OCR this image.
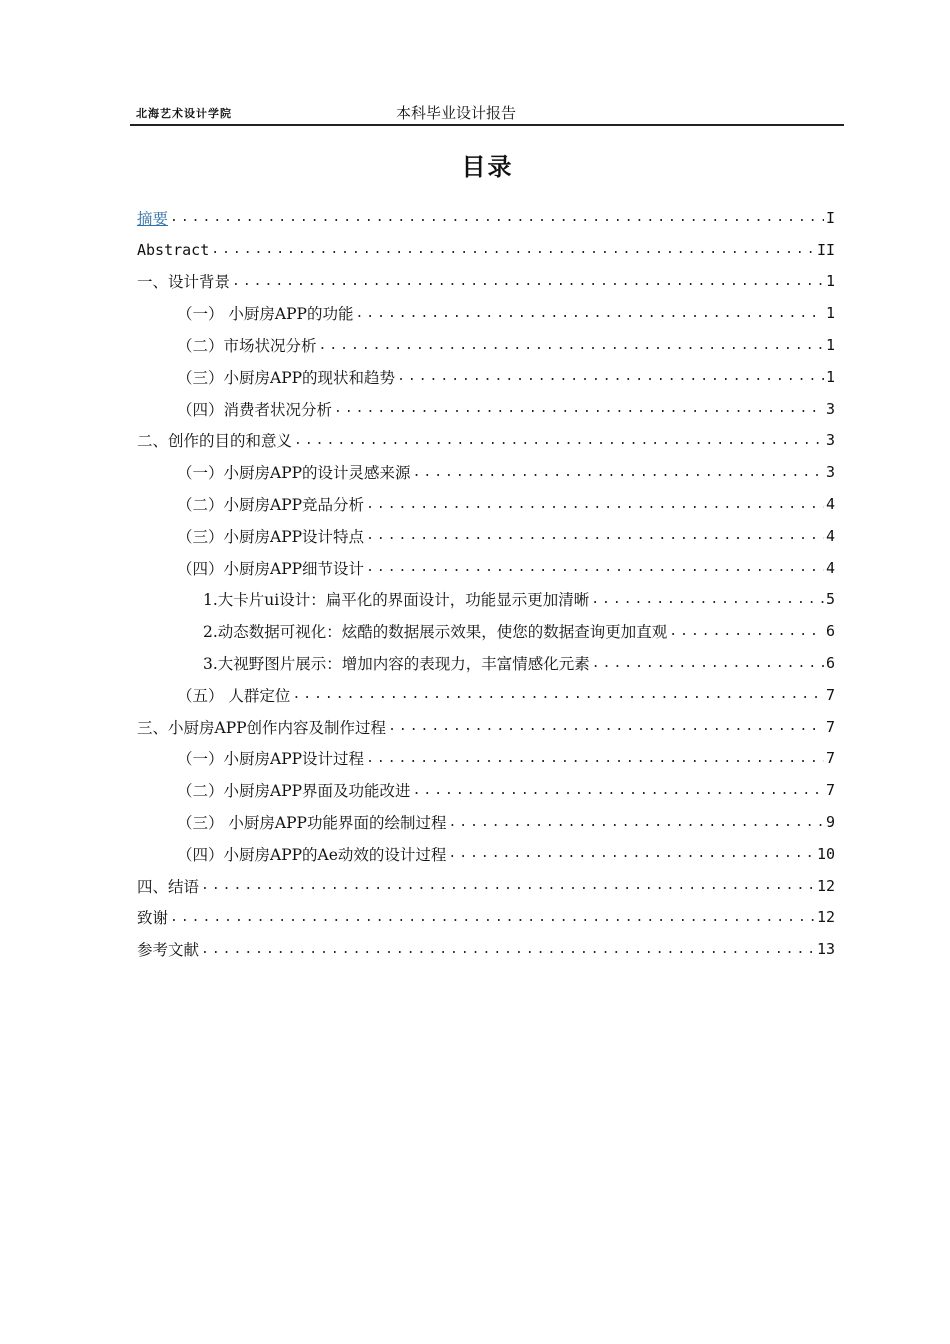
北海艺术设计学院	本科毕业设计报告
目录
摘要 .....	I
Abstract .....	II
一、设计背景 .....	1
（一） 小厨房APP的功能 .....	1
（二）市场状况分析 .....	1
（三）小厨房APP的现状和趋势 .....	1
（四）消费者状况分析 .....	3
二、创作的目的和意义 .....	3
（一）小厨房APP的设计灵感来源 .....	3
（二）小厨房APP竞品分析 .....	4
（三）小厨房APP设计特点 .....	4
（四）小厨房APP细节设计 .....	4
1.大卡片ui设计：扁平化的界面设计，功能显示更加清晰 .....	5
2.动态数据可视化：炫酷的数据展示效果，使您的数据查询更加直观 .....	6
3.大视野图片展示：增加内容的表现力，丰富情感化元素 .....	6
（五） 人群定位 .....	7
三、小厨房APP创作内容及制作过程 .....	7
（一）小厨房APP设计过程 .....	7
（二）小厨房APP界面及功能改进 .....	7
（三） 小厨房APP功能界面的绘制过程 .....	9
（四）小厨房APP的Ae动效的设计过程 .....	10
四、结语 .....	12
致谢 .....	12
参考文献 .....	13
